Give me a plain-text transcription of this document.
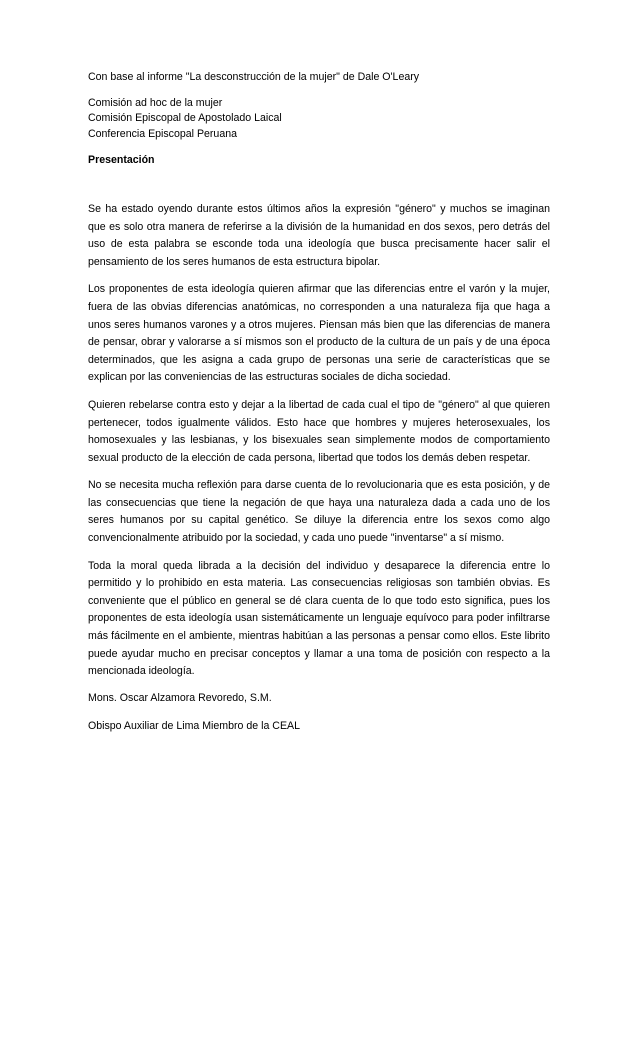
Con base al informe "La desconstrucción de la mujer" de Dale O'Leary

Comisión ad hoc de la mujer

Comisión Episcopal de Apostolado Laical

Conferencia Episcopal Peruana

Presentación

Se ha estado oyendo durante estos últimos años la expresión "género" y muchos se imaginan que es solo otra manera de referirse a la división de la humanidad en dos sexos, pero detrás del uso de esta palabra se esconde toda una ideología que busca precisamente hacer salir el pensamiento de los seres humanos de esta estructura bipolar.

Los proponentes de esta ideología quieren afirmar que las diferencias entre el varón y la mujer, fuera de las obvias diferencias anatómicas, no corresponden a una naturaleza fija que haga a unos seres humanos varones y a otros mujeres. Piensan más bien que las diferencias de manera de pensar, obrar y valorarse a sí mismos son el producto de la cultura de un país y de una época determinados, que les asigna a cada grupo de personas una serie de características que se explican por las conveniencias de las estructuras sociales de dicha sociedad.

Quieren rebelarse contra esto y dejar a la libertad de cada cual el tipo de "género" al que quieren pertenecer, todos igualmente válidos. Esto hace que hombres y mujeres heterosexuales, los homosexuales y las lesbianas, y los bisexuales sean simplemente modos de comportamiento sexual producto de la elección de cada persona, libertad que todos los demás deben respetar.

No se necesita mucha reflexión para darse cuenta de lo revolucionaria que es esta posición, y de las consecuencias que tiene la negación de que haya una naturaleza dada a cada uno de los seres humanos por su capital genético. Se diluye la diferencia entre los sexos como algo convencionalmente atribuido por la sociedad, y cada uno puede "inventarse" a sí mismo.

Toda la moral queda librada a la decisión del individuo y desaparece la diferencia entre lo permitido y lo prohibido en esta materia. Las consecuencias religiosas son también obvias. Es conveniente que el público en general se dé clara cuenta de lo que todo esto significa, pues los proponentes de esta ideología usan sistemáticamente un lenguaje equívoco para poder infiltrarse más fácilmente en el ambiente, mientras habitúan a las personas a pensar como ellos. Este librito puede ayudar mucho en precisar conceptos y llamar a una toma de posición con respecto a la mencionada ideología.

Mons. Oscar Alzamora Revoredo, S.M.

Obispo Auxiliar de Lima Miembro de la CEAL
